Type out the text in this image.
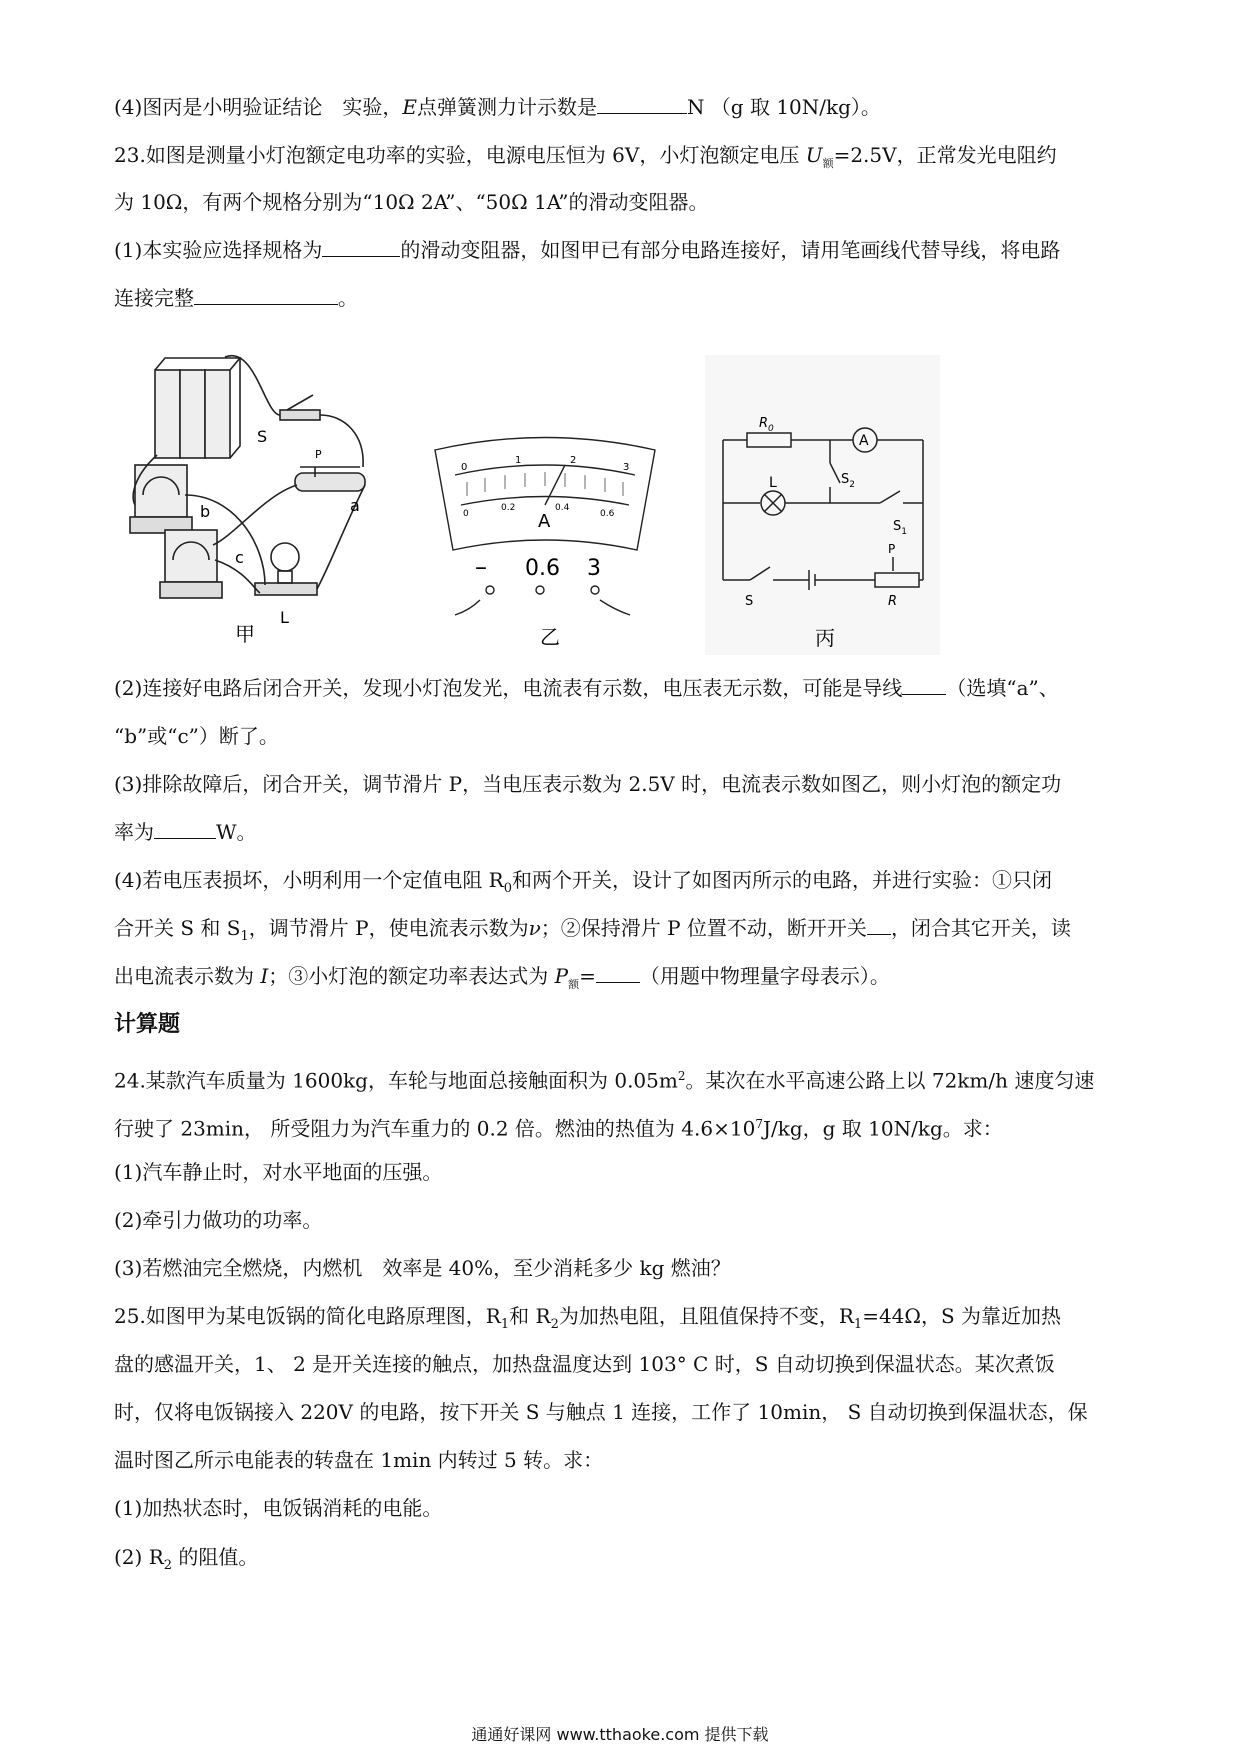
(4)图丙是小明验证结论　实验，E点弹簧测力计示数是	N （g 取 10N/kg）。
23.如图是测量小灯泡额定电功率的实验，电源电压恒为 6V，小灯泡额定电压 $U_额=2.5V$，正常发光电阻约
为 10Ω，有两个规格分别为“10Ω 2A”、“50Ω 1A”的滑动变阻器。
(1)本实验应选择规格为	的滑动变阻器，如图甲已有部分电路连接好，请用笔画线代替导线，将电路
连接完整	。
S
P
a
b
c
L
甲
0
1	2
3
0
0.2	0.4
0.6
A
– 0.6 3
乙
$R_0$
A
L	$S_2$
$S_1$
P
R
S
丙
(2)连接好电路后闭合开关，发现小灯泡发光，电流表有示数，电压表无示数，可能是导线 （选填“a”、
“b”或“c”）断了。
(3)排除故障后，闭合开关，调节滑片 P，当电压表示数为 2.5V 时，电流表示数如图乙，则小灯泡的额定功
率为	W。
(4)若电压表损坏，小明利用一个定值电阻 $R_0$和两个开关，设计了如图丙所示的电路，并进行实验：①只闭
合开关 S 和 $S_1$，调节滑片 P，使电流表示数为ν；②保持滑片 P 位置不动，断开开关 ，闭合其它开关，读
出电流表示数为 I；③小灯泡的额定功率表达式为 $P_额=$ （用题中物理量字母表示）。
计算题
24.某款汽车质量为 1600kg，车轮与地面总接触面积为 $0.05m^2$。某次在水平高速公路上以 72km/h 速度匀速
行驶了 23min， 所受阻力为汽车重力的 0.2 倍。燃油的热值为 $4.6\times 10^7J/kg$，g 取 10N/kg。求：
(1)汽车静止时，对水平地面的压强。
(2)牵引力做功的功率。
(3)若燃油完全燃烧，内燃机　效率是 40%，至少消耗多少 kg 燃油？
25.如图甲为某电饭锅的简化电路原理图，$R_1$和 $R_2$为加热电阻，且阻值保持不变，$R_1=44\Omega$，S 为靠近加热
盘的感温开关，1、 2 是开关连接的触点，加热盘温度达到 103° C 时，S 自动切换到保温状态。某次煮饭
时，仅将电饭锅接入 220V 的电路，按下开关 S 与触点 1 连接，工作了 10min， S 自动切换到保温状态，保
温时图乙所示电能表的转盘在 1min 内转过 5 转。求：
(1)加热状态时，电饭锅消耗的电能。
(2) $R_2$ 的阻值。
通通好课网 www.tthaoke.com 提供下载
